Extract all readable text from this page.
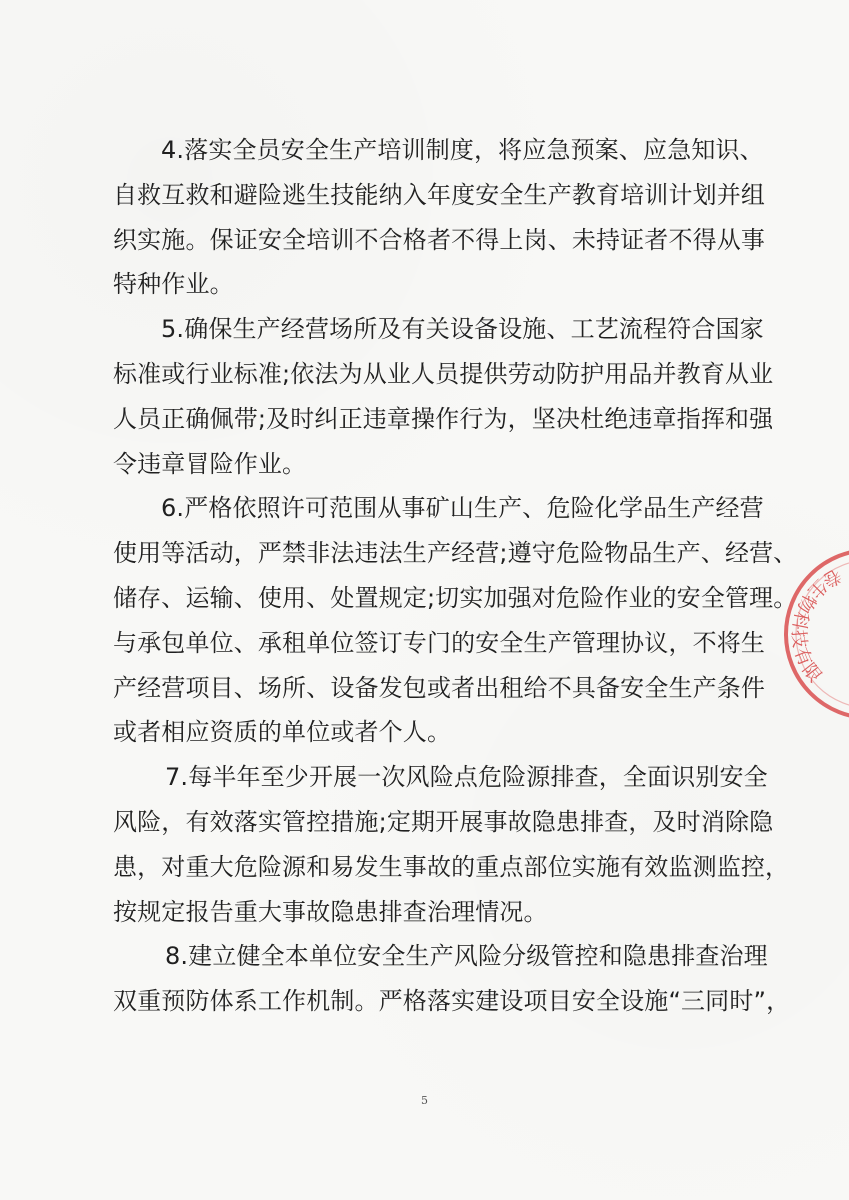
4.落实全员安全生产培训制度，将应急预案、应急知识、
自救互救和避险逃生技能纳入年度安全生产教育培训计划并组
织实施。保证安全培训不合格者不得上岗、未持证者不得从事
特种作业。

5.确保生产经营场所及有关设备设施、工艺流程符合国家
标准或行业标准;依法为从业人员提供劳动防护用品并教育从业
人员正确佩带;及时纠正违章操作行为，坚决杜绝违章指挥和强
令违章冒险作业。

6.严格依照许可范围从事矿山生产、危险化学品生产经营
使用等活动，严禁非法违法生产经营;遵守危险物品生产、经营、
储存、运输、使用、处置规定;切实加强对危险作业的安全管理。
与承包单位、承租单位签订专门的安全生产管理协议，不将生
产经营项目、场所、设备发包或者出租给不具备安全生产条件
或者相应资质的单位或者个人。

7.每半年至少开展一次风险点危险源排查，全面识别安全
风险，有效落实管控措施;定期开展事故隐患排查，及时消除隐
患，对重大危险源和易发生事故的重点部位实施有效监测监控，
按规定报告重大事故隐患排查治理情况。

8.建立健全本单位安全生产风险分级管控和隐患排查治理
双重预防体系工作机制。严格落实建设项目安全设施“三同时”，

卷生物科技有限
5
